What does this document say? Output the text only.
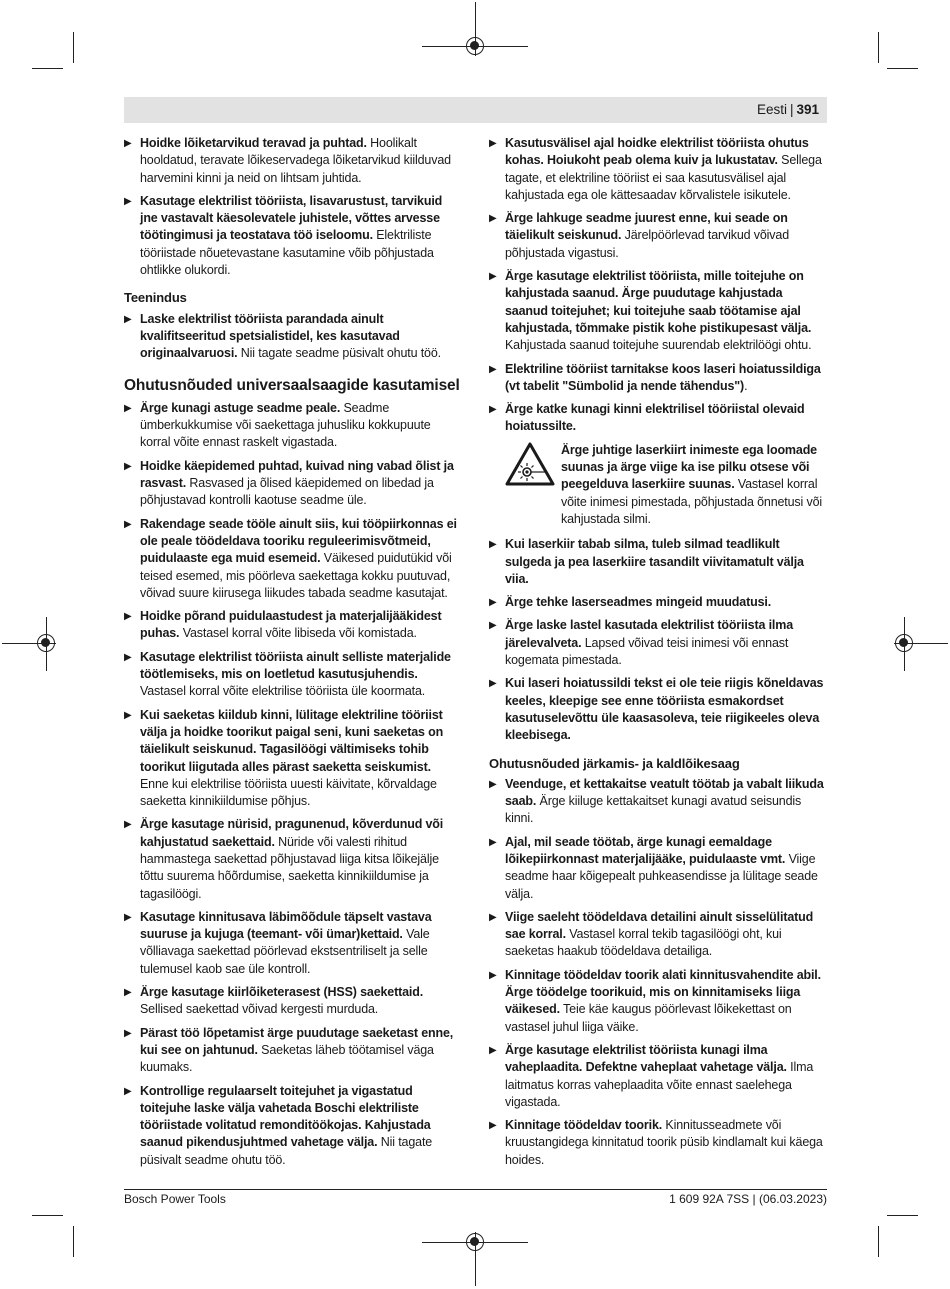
Eesti | 391
▶ Hoidke lõiketarvikud teravad ja puhtad. Hoolikalt hooldatud, teravate lõikeservadega lõiketarvikud kiilduvad harvemini kinni ja neid on lihtsam juhtida.
▶ Kasutage elektrilist tööriista, lisavarustust, tarvikuid jne vastavalt käesolevatele juhistele, võttes arvesse töötingimusi ja teostatava töö iseloomu. Elektriliste tööriistade nõuetevastane kasutamine võib põhjustada ohtlikke olukordi.
Teenindus
▶ Laske elektrilist tööriista parandada ainult kvalifitseeritud spetsialistidel, kes kasutavad originaalvaruosi. Nii tagate seadme püsivalt ohutu töö.
Ohutusnõuded universaalsaagide kasutamisel
▶ Ärge kunagi astuge seadme peale. Seadme ümberkukkumise või saekettaga juhusliku kokkupuute korral võite ennast raskelt vigastada.
▶ Hoidke käepidemed puhtad, kuivad ning vabad õlist ja rasvast. Rasvased ja õlised käepidemed on libedad ja põhjustavad kontrolli kaotuse seadme üle.
▶ Rakendage seade tööle ainult siis, kui tööpiirkonnas ei ole peale töödeldava tooriku reguleerimisvõtmeid, puidulaaste ega muid esemeid. Väikesed puidutükid või teised esemed, mis pöörleva saekettaga kokku puutuvad, võivad suure kiirusega liikudes tabada seadme kasutajat.
▶ Hoidke põrand puidulaastudest ja materjalijääkidest puhas. Vastasel korral võite libiseda või komistada.
▶ Kasutage elektrilist tööriista ainult selliste materjalide töötlemiseks, mis on loetletud kasutusjuhendis. Vastasel korral võite elektrilise tööriista üle koormata.
▶ Kui saeketas kiildub kinni, lülitage elektriline tööriist välja ja hoidke toorikut paigal seni, kuni saeketas on täielikult seiskunud. Tagasilöögi vältimiseks tohib toorikut liigutada alles pärast saeketta seiskumist. Enne kui elektrilise tööriista uuesti käivitate, kõrvaldage saeketta kinnikiildumise põhjus.
▶ Ärge kasutage nürisid, pragunenud, kõverdunud või kahjustatud saekettaid. Nüride või valesti rihitud hammastega saekettad põhjustavad liiga kitsa lõikejälje tõttu suurema hõõrdumise, saeketta kinnikiildumise ja tagasilöögi.
▶ Kasutage kinnitusava läbimõõdule täpselt vastava suuruse ja kujuga (teemant- või ümar)kettaid. Vale võlliavaga saekettad pöörlevad ekstsentriliselt ja selle tulemusel kaob sae üle kontroll.
▶ Ärge kasutage kiirlõiketerasest (HSS) saekettaid. Sellised saekettad võivad kergesti murduda.
▶ Pärast töö lõpetamist ärge puudutage saeketast enne, kui see on jahtunud. Saeketas läheb töötamisel väga kuumaks.
▶ Kontrollige regulaarselt toitejuhet ja vigastatud toitejuhe laske välja vahetada Boschi elektriliste tööriistade volitatud remonditöökojas. Kahjustada saanud pikendusjuhtmed vahetage välja. Nii tagate püsivalt seadme ohutu töö.
▶ Kasutusvälisel ajal hoidke elektrilist tööriista ohutus kohas. Hoiukoht peab olema kuiv ja lukustatav. Sellega tagate, et elektriline tööriist ei saa kasutusvälisel ajal kahjustada ega ole kättesaadav kõrvalistele isikutele.
▶ Ärge lahkuge seadme juurest enne, kui seade on täielikult seiskunud. Järelpöörlevad tarvikud võivad põhjustada vigastusi.
▶ Ärge kasutage elektrilist tööriista, mille toitejuhe on kahjustada saanud. Ärge puudutage kahjustada saanud toitejuhet; kui toitejuhe saab töötamise ajal kahjustada, tõmmake pistik kohe pistikupesast välja. Kahjustada saanud toitejuhe suurendab elektrilöögi ohtu.
▶ Elektriline tööriist tarnitakse koos laseri hoiatussildiga (vt tabelit "Sümbolid ja nende tähendus").
▶ Ärge katke kunagi kinni elektrilisel tööriistal olevaid hoiatussilte.
Ärge juhtige laserkiirt inimeste ega loomade suunas ja ärge viige ka ise pilku otsese või peegelduva laserkiire suunas. Vastasel korral võite inimesi pimestada, põhjustada õnnetusi või kahjustada silmi.
▶ Kui laserkiir tabab silma, tuleb silmad teadlikult sulgeda ja pea laserkiire tasandilt viivitamatult välja viia.
▶ Ärge tehke laserseadmes mingeid muudatusi.
▶ Ärge laske lastel kasutada elektrilist tööriista ilma järelevalveta. Lapsed võivad teisi inimesi või ennast kogemata pimestada.
▶ Kui laseri hoiatussildi tekst ei ole teie riigis kõneldavas keeles, kleepige see enne tööriista esmakordset kasutuselevõttu üle kaasasoleva, teie riigikeeles oleva kleebisega.
Ohutusnõuded järkamis- ja kaldlõikesaag
▶ Veenduge, et kettakaitse veatult töötab ja vabalt liikuda saab. Ärge kiiluge kettakaitset kunagi avatud seisundis kinni.
▶ Ajal, mil seade töötab, ärge kunagi eemaldage lõikepiirkonnast materjalijääke, puidulaaste vmt. Viige seadme haar kõigepealt puhkeasendisse ja lülitage seade välja.
▶ Viige saeleht töödeldava detailini ainult sisselülitatud sae korral. Vastasel korral tekib tagasilöögi oht, kui saeketas haakub töödeldava detailiga.
▶ Kinnitage töödeldav toorik alati kinnitusvahendite abil. Ärge töödelge toorikuid, mis on kinnitamiseks liiga väikesed. Teie käe kaugus pöörlevast lõikekettast on vastasel juhul liiga väike.
▶ Ärge kasutage elektrilist tööriista kunagi ilma vaheplaadita. Defektne vaheplaat vahetage välja. Ilma laitmatus korras vaheplaadita võite ennast saelehega vigastada.
▶ Kinnitage töödeldav toorik. Kinnitusseadmete või kruustangidega kinnitatud toorik püsib kindlamalt kui käega hoides.
Bosch Power Tools	1 609 92A 7SS | (06.03.2023)
